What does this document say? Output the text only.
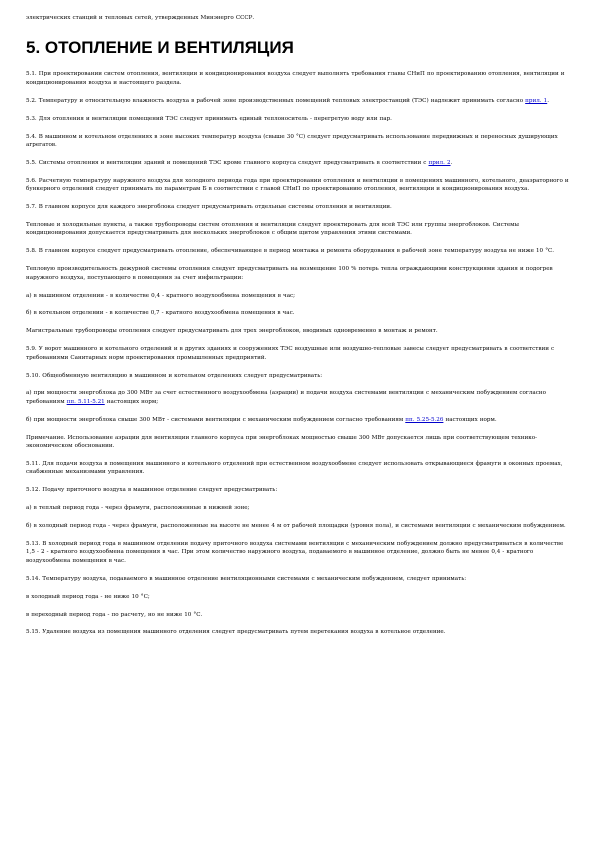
электрических станций и тепловых сетей, утвержденных Минэнерго СССР.

5. ОТОПЛЕНИЕ И ВЕНТИЛЯЦИЯ

5.1. При проектировании систем отопления, вентиляции и кондиционирования воздуха следует выполнять требования главы СНиП по проектированию отопления, вентиляции и кондиционирования воздуха и настоящего раздела.

5.2. Температуру и относительную влажность воздуха в рабочей зоне производственных помещений тепловых электростанций (ТЭС) надлежит принимать согласно прил. 1.

5.3. Для отопления и вентиляции помещений ТЭС следует принимать единый теплоноситель - перегретую воду или пар.

5.4. В машинном и котельном отделениях в зоне высоких температур воздуха (свыше 30 °С) следует предусматривать использование передвижных и переносных душирующих агрегатов.

5.5. Системы отопления и вентиляции зданий и помещений ТЭС кроме главного корпуса следует предусматривать в соответствии с прил. 2.

5.6. Расчетную температуру наружного воздуха для холодного периода года при проектировании отопления и вентиляции в помещениях машинного, котельного, деаэраторного и бункерного отделений следует принимать по параметрам Б в соответствии с главой СНиП по проектированию отопления, вентиляции и кондиционирования воздуха.

5.7. В главном корпусе для каждого энергоблока следует предусматривать отдельные системы отопления и вентиляции.

Тепловые и холодильные пункты, а также трубопроводы систем отопления и вентиляции следует проектировать для всей ТЭС или группы энергоблоков. Системы кондиционирования допускается предусматривать для нескольких энергоблоков с общим щитом управления этими системами.

5.8. В главном корпусе следует предусматривать отопление, обеспечивающее в период монтажа и ремонта оборудования в рабочей зоне температуру воздуха не ниже 10 °С.

Тепловую производительность дежурной системы отопления следует предусматривать на возмещение 100 % потерь тепла ограждающими конструкциями здания и подогрев наружного воздуха, поступающего в помещения за счет инфильтрации:

а) в машинном отделении - в количестве 0,4 - кратного воздухообмена помещения в час;

б) в котельном отделении - в количестве 0,7 - кратного воздухообмена помещения в час.

Магистральные трубопроводы отопления следует предусматривать для трех энергоблоков, вводимых одновременно в монтаж и ремонт.

5.9. У ворот машинного и котельного отделений и в других зданиях и сооружениях ТЭС воздушные или воздушно-тепловые завесы следует предусматривать в соответствии с требованиями Санитарных норм проектирования промышленных предприятий.

5.10. Общеобменную вентиляцию в машинном и котельном отделениях следует предусматривать:

а) при мощности энергоблока до 300 МВт за счет естественного воздухообмена (аэрации) и подачи воздуха системами вентиляции с механическим побуждением согласно требованиям пп. 5.11-5.21 настоящих норм;

б) при мощности энергоблока свыше 300 МВт - системами вентиляции с механическим побуждением согласно требованиям пп. 5.25-5.26 настоящих норм.

Примечание. Использование аэрации для вентиляции главного корпуса при энергоблоках мощностью свыше 300 МВт допускается лишь при соответствующем технико-экономическом обосновании.

5.11. Для подачи воздуха в помещения машинного и котельного отделений при естественном воздухообмене следует использовать открывающиеся фрамуги в оконных проемах, снабженные механизмами управления.

5.12. Подачу приточного воздуха в машинное отделение следует предусматривать:

а) в теплый период года - через фрамуги, расположенные в нижней зоне;

б) в холодный период года - через фрамуги, расположенные на высоте не менее 4 м от рабочей площадки (уровня пола), и системами вентиляции с механическим побуждением.

5.13. В холодный период года в машинном отделении подачу приточного воздуха системами вентиляции с механическим побуждением должно предусматриваться в количестве 1,5 - 2 - кратного воздухообмена помещения в час. При этом количество наружного воздуха, подаваемого в машинное отделение, должно быть не менее 0,4 - кратного воздухообмена помещения в час.

5.14. Температуру воздуха, подаваемого в машинное отделение вентиляционными системами с механическим побуждением, следует принимать:

в холодный период года - не ниже 10 °С;

в переходный период года - по расчету, но не ниже 10 °С.

5.15. Удаление воздуха из помещения машинного отделения следует предусматривать путем перетекания воздуха в котельное отделение.
